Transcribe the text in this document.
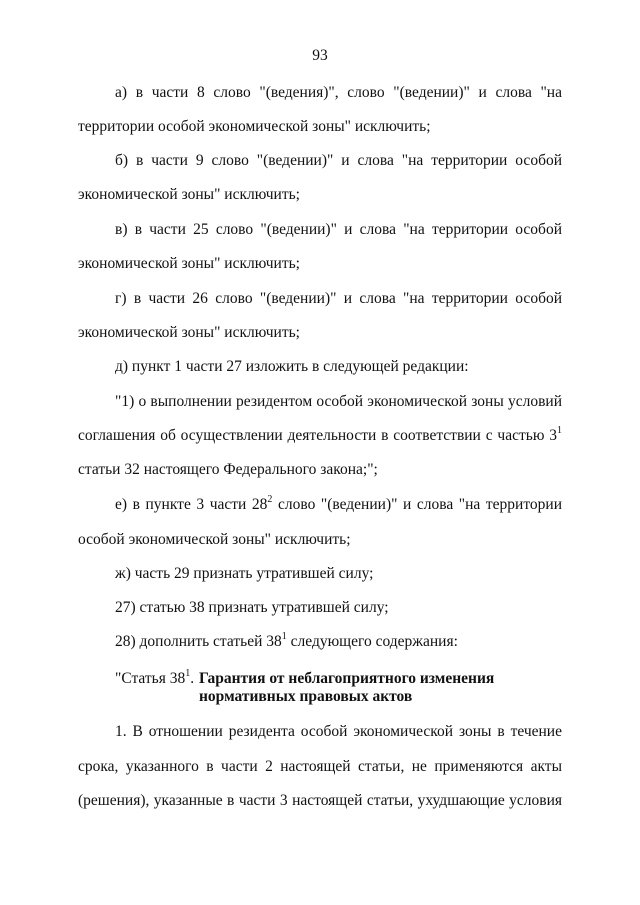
93
а) в части 8 слово "(ведения)", слово "(ведении)" и слова "на
территории особой экономической зоны" исключить;
б) в части 9 слово "(ведении)" и слова "на территории особой
экономической зоны" исключить;
в) в части 25 слово "(ведении)" и слова "на территории особой
экономической зоны" исключить;
г) в части 26 слово "(ведении)" и слова "на территории особой
экономической зоны" исключить;
д) пункт 1 части 27 изложить в следующей редакции:
"1) о выполнении резидентом особой экономической зоны условий
соглашения об осуществлении деятельности в соответствии с частью $3^1$
статьи 32 настоящего Федерального закона;";
е) в пункте 3 части $28^2$ слово "(ведении)" и слова "на территории
особой экономической зоны" исключить;
ж) часть 29 признать утратившей силу;
27) статью 38 признать утратившей силу;
28) дополнить статьей $38^1$ следующего содержания:
"Статья $38^1$. Гарантия от неблагоприятного изменения
нормативных правовых актов
1. В отношении резидента особой экономической зоны в течение
срока, указанного в части 2 настоящей статьи, не применяются акты
(решения), указанные в части 3 настоящей статьи, ухудшающие условия
